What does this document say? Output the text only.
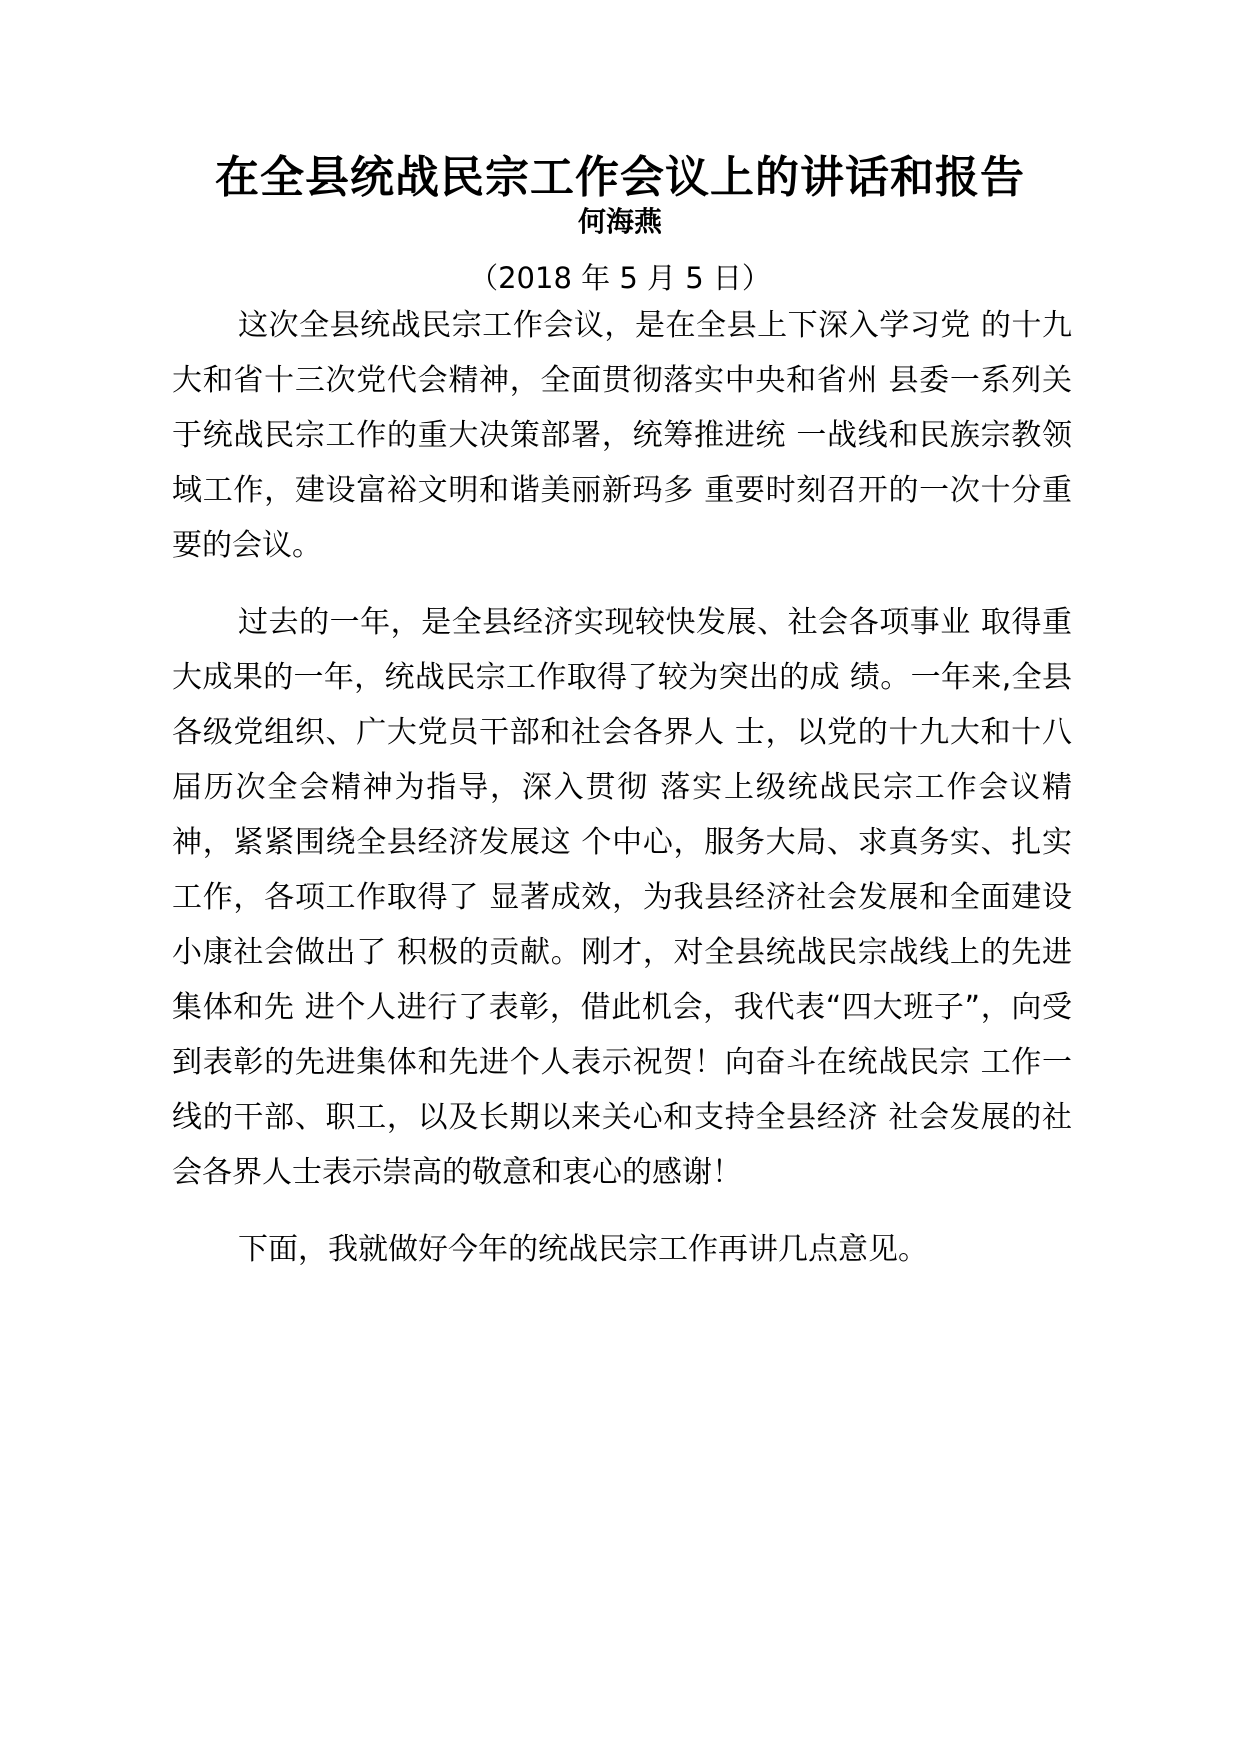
在全县统战民宗工作会议上的讲话和报告
何海燕
（2018 年 5 月 5 日）

这次全县统战民宗工作会议，是在全县上下深入学习党 的十九大和省十三次党代会精神，全面贯彻落实中央和省州 县委一系列关于统战民宗工作的重大决策部署，统筹推进统 一战线和民族宗教领域工作，建设富裕文明和谐美丽新玛多 重要时刻召开的一次十分重要的会议。

过去的一年，是全县经济实现较快发展、社会各项事业 取得重大成果的一年，统战民宗工作取得了较为突出的成 绩。一年来,全县各级党组织、广大党员干部和社会各界人 士，以党的十九大和十八届历次全会精神为指导，深入贯彻 落实上级统战民宗工作会议精神，紧紧围绕全县经济发展这 个中心，服务大局、求真务实、扎实工作，各项工作取得了 显著成效，为我县经济社会发展和全面建设小康社会做出了 积极的贡献。刚才，对全县统战民宗战线上的先进集体和先 进个人进行了表彰，借此机会，我代表“四大班子”，向受 到表彰的先进集体和先进个人表示祝贺！向奋斗在统战民宗 工作一线的干部、职工，以及长期以来关心和支持全县经济 社会发展的社会各界人士表示崇高的敬意和衷心的感谢！

下面，我就做好今年的统战民宗工作再讲几点意见。
